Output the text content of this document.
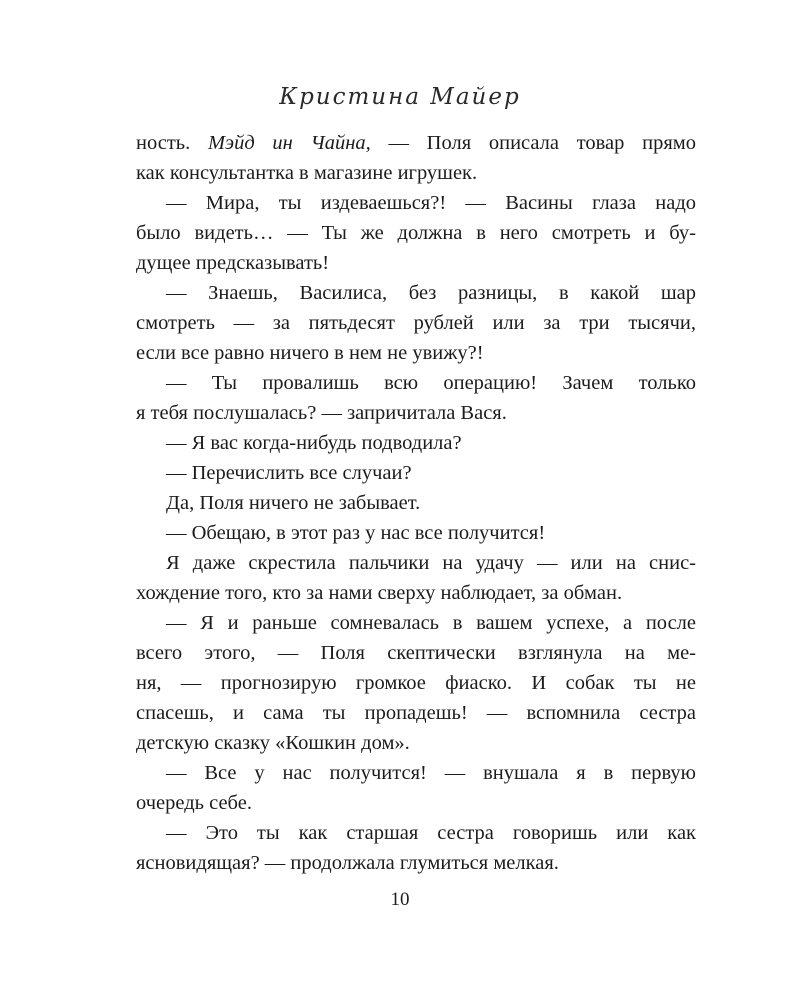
Кристина Майер
ность. Мэйд ин Чайна, — Поля описала товар прямо
как консультантка в магазине игрушек.
— Мира, ты издеваешься?! — Васины глаза надо
было видеть… — Ты же должна в него смотреть и бу-
дущее предсказывать!
— Знаешь, Василиса, без разницы, в какой шар
смотреть — за пятьдесят рублей или за три тысячи,
если все равно ничего в нем не увижу?!
— Ты провалишь всю операцию! Зачем только
я тебя послушалась? — запричитала Вася.
— Я вас когда-нибудь подводила?
— Перечислить все случаи?
Да, Поля ничего не забывает.
— Обещаю, в этот раз у нас все получится!
Я даже скрестила пальчики на удачу — или на снис-
хождение того, кто за нами сверху наблюдает, за обман.
— Я и раньше сомневалась в вашем успехе, а после
всего этого, — Поля скептически взглянула на ме-
ня, — прогнозирую громкое фиаско. И собак ты не
спасешь, и сама ты пропадешь! — вспомнила сестра
детскую сказку «Кошкин дом».
— Все у нас получится! — внушала я в первую
очередь себе.
— Это ты как старшая сестра говоришь или как
ясновидящая? — продолжала глумиться мелкая.
10
